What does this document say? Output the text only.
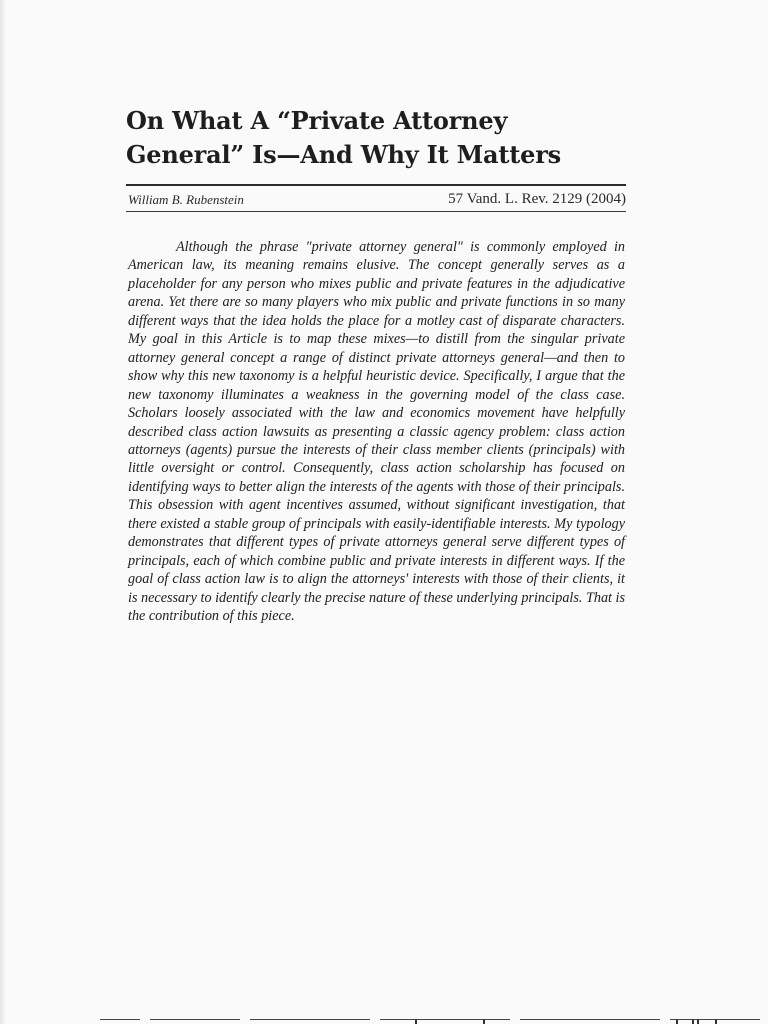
On What A “Private Attorney
General” Is—And Why It Matters
William B. Rubenstein	57 Vand. L. Rev. 2129 (2004)

Although the phrase "private attorney general" is commonly employed in American law, its meaning remains elusive. The concept generally serves as a placeholder for any person who mixes public and private features in the adjudicative arena. Yet there are so many players who mix public and private functions in so many different ways that the idea holds the place for a motley cast of disparate characters. My goal in this Article is to map these mixes—to distill from the singular private attorney general concept a range of distinct private attorneys general—and then to show why this new taxonomy is a helpful heuristic device. Specifically, I argue that the new taxonomy illuminates a weakness in the governing model of the class case. Scholars loosely associated with the law and economics movement have helpfully described class action lawsuits as presenting a classic agency problem: class action attorneys (agents) pursue the interests of their class member clients (principals) with little oversight or control. Consequently, class action scholarship has focused on identifying ways to better align the interests of the agents with those of their principals. This obsession with agent incentives assumed, without significant investigation, that there existed a stable group of principals with easily-identifiable interests. My typology demonstrates that different types of private attorneys general serve different types of principals, each of which combine public and private interests in different ways. If the goal of class action law is to align the attorneys' interests with those of their clients, it is necessary to identify clearly the precise nature of these underlying principals. That is the contribution of this piece.
